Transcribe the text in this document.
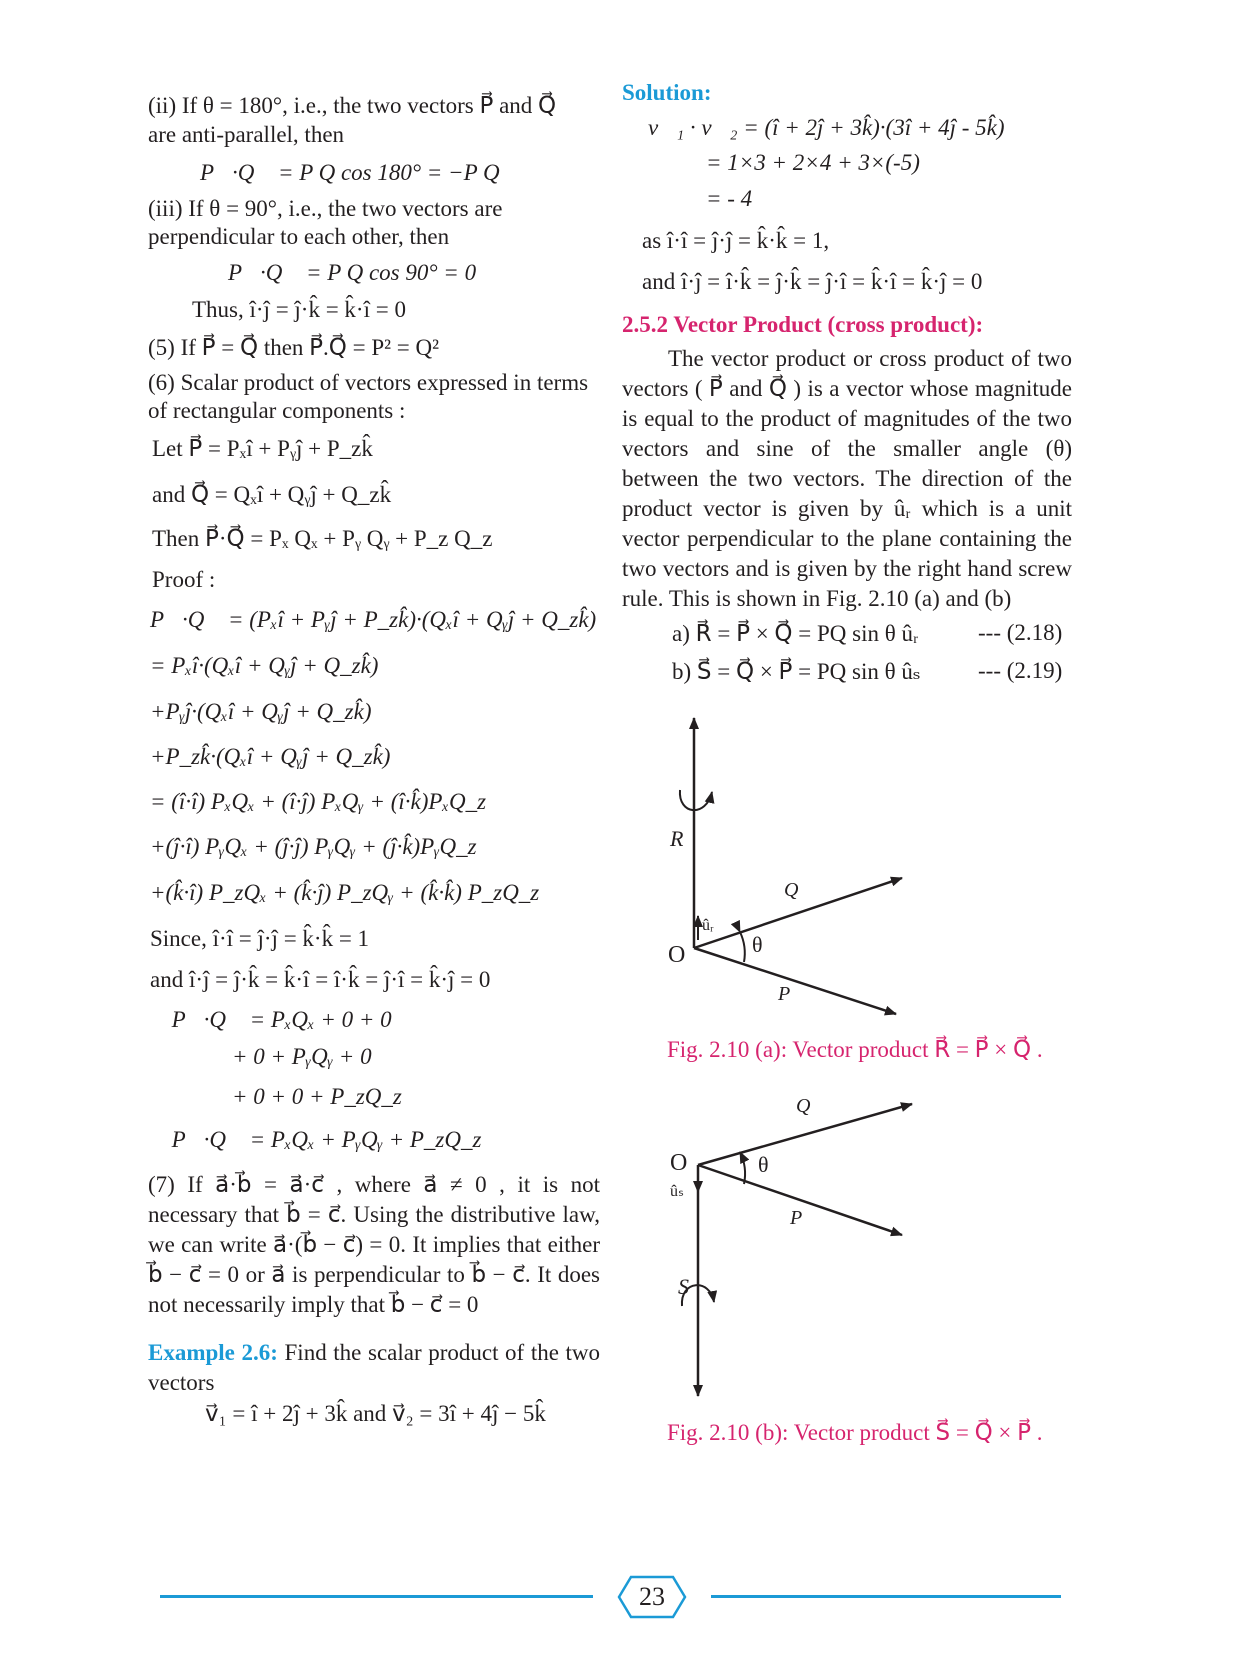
(ii) If θ = 180°, i.e., the two vectors P⃗ and Q⃗
are anti-parallel, then
P⃗·Q⃗ = P Q cos 180° = −P Q
(iii) If θ = 90°, i.e., the two vectors are
perpendicular to each other, then
P⃗·Q⃗ = P Q cos 90° = 0
Thus, î·ĵ = ĵ·k̂ = k̂·î = 0
(5) If P⃗ = Q⃗ then P⃗.Q⃗ = P² = Q²
(6) Scalar product of vectors expressed in terms
of rectangular components :
Let P⃗ = Pₓî + Pᵧĵ + P_zk̂
and Q⃗ = Qₓî + Qᵧĵ + Q_zk̂
Then P⃗·Q⃗ = Pₓ Qₓ + Pᵧ Qᵧ + P_z Q_z
Proof :
P⃗·Q⃗ = (Pₓî + Pᵧĵ + P_zk̂)·(Qₓî + Qᵧĵ + Q_zk̂)
= Pₓî·(Qₓî + Qᵧĵ + Q_zk̂)
+Pᵧĵ·(Qₓî + Qᵧĵ + Q_zk̂)
+P_zk̂·(Qₓî + Qᵧĵ + Q_zk̂)
= (î·î) PₓQₓ + (î·ĵ) PₓQᵧ + (î·k̂)PₓQ_z
+(ĵ·î) PᵧQₓ + (ĵ·ĵ) PᵧQᵧ + (ĵ·k̂)PᵧQ_z
+(k̂·î) P_zQₓ + (k̂·ĵ) P_zQᵧ + (k̂·k̂) P_zQ_z
Since, î·î = ĵ·ĵ = k̂·k̂ = 1
and î·ĵ = ĵ·k̂ = k̂·î = î·k̂ = ĵ·î = k̂·ĵ = 0
∴ P⃗·Q⃗ = PₓQₓ + 0 + 0
+ 0 + PᵧQᵧ + 0
+ 0 + 0 + P_zQ_z
∴ P⃗·Q⃗ = PₓQₓ + PᵧQᵧ + P_zQ_z
(7) If a⃗·b⃗ = a⃗·c⃗ , where a⃗ ≠ 0 , it is not necessary that b⃗ = c⃗. Using the distributive law, we can write a⃗·(b⃗ − c⃗) = 0. It implies that either b⃗ − c⃗ = 0 or a⃗ is perpendicular to b⃗ − c⃗. It does not necessarily imply that b⃗ − c⃗ = 0
Example 2.6: Find the scalar product of the two vectors
v⃗₁ = î + 2ĵ + 3k̂ and v⃗₂ = 3î + 4ĵ − 5k̂
Solution:
v⃗₁ · v⃗₂ = (î + 2ĵ + 3k̂)·(3î + 4ĵ - 5k̂)
= 1×3 + 2×4 + 3×(-5)
= - 4
as î·î = ĵ·ĵ = k̂·k̂ = 1,
and î·ĵ = î·k̂ = ĵ·k̂ = ĵ·î = k̂·î = k̂·ĵ = 0
2.5.2 Vector Product (cross product):
The vector product or cross product of two vectors ( P⃗ and Q⃗ ) is a vector whose magnitude is equal to the product of magnitudes of the two vectors and sine of the smaller angle (θ) between the two vectors. The direction of the product vector is given by ûᵣ which is a unit vector perpendicular to the plane containing the two vectors and is given by the right hand screw rule. This is shown in Fig. 2.10 (a) and (b)
a) R⃗ = P⃗ × Q⃗ = PQ sin θ ûᵣ	--- (2.18)
b) S⃗ = Q⃗ × P⃗ = PQ sin θ ûₛ --- (2.19)
R⃗
Q⃗
P⃗
O
ûᵣ
θ
Fig. 2.10 (a): Vector product R⃗ = P⃗ × Q⃗ .
Q⃗
P⃗
S⃗
O
ûₛ
θ
Fig. 2.10 (b): Vector product S⃗ = Q⃗ × P⃗ .
23
